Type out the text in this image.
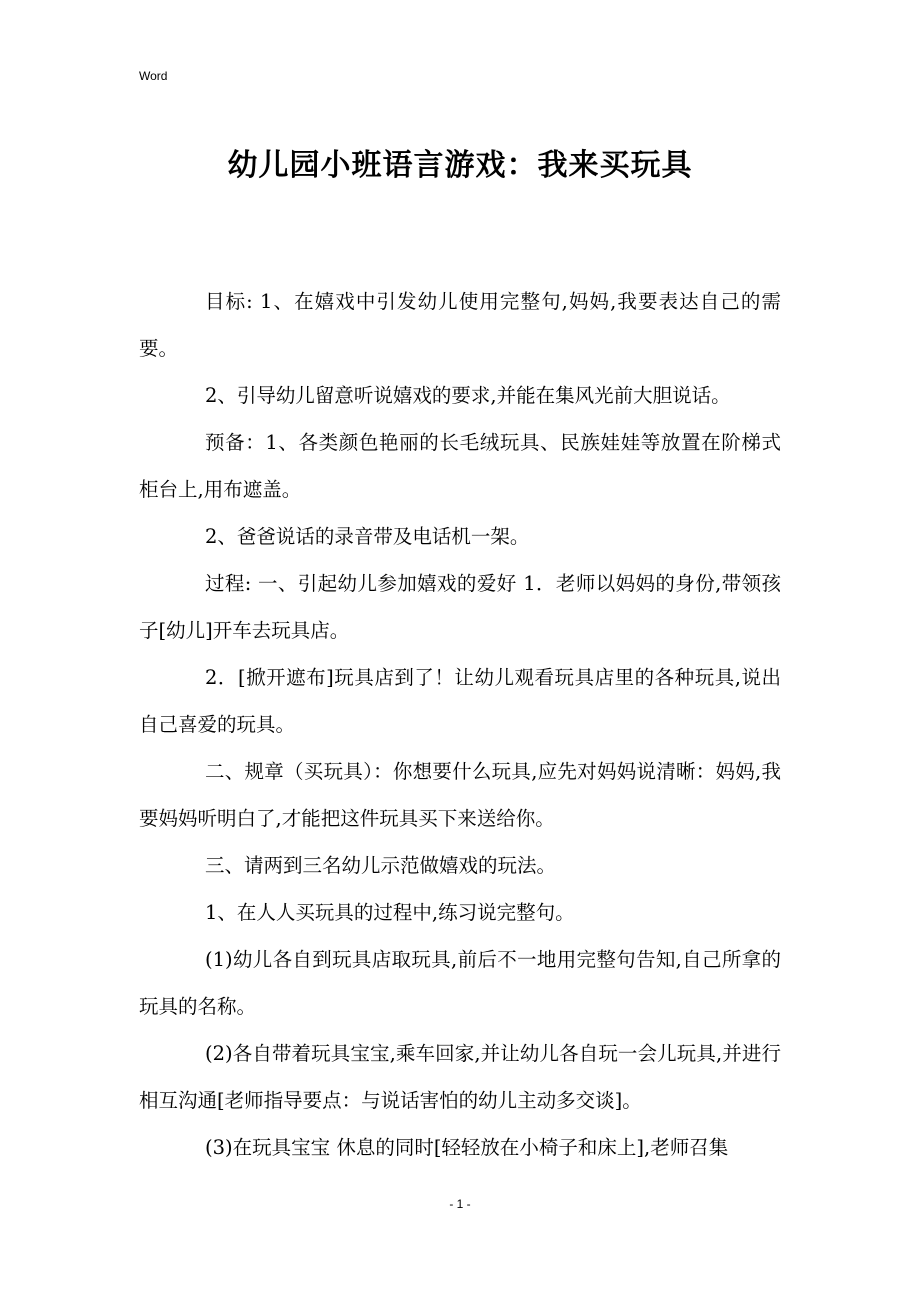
Word
幼儿园小班语言游戏：我来买玩具

目标: 1、在嬉戏中引发幼儿使用完整句,妈妈,我要表达自己的需要。

2、引导幼儿留意听说嬉戏的要求,并能在集风光前大胆说话。

预备：1、各类颜色艳丽的长毛绒玩具、民族娃娃等放置在阶梯式柜台上,用布遮盖。

2、爸爸说话的录音带及电话机一架。

过程: 一、引起幼儿参加嬉戏的爱好 1．老师以妈妈的身份,带领孩子[幼儿]开车去玩具店。

2．[掀开遮布]玩具店到了！让幼儿观看玩具店里的各种玩具,说出自己喜爱的玩具。

二、规章（买玩具）：你想要什么玩具,应先对妈妈说清晰：妈妈,我要妈妈听明白了,才能把这件玩具买下来送给你。

三、请两到三名幼儿示范做嬉戏的玩法。

1、在人人买玩具的过程中,练习说完整句。

(1)幼儿各自到玩具店取玩具,前后不一地用完整句告知,自己所拿的玩具的名称。

(2)各自带着玩具宝宝,乘车回家,并让幼儿各自玩一会儿玩具,并进行相互沟通[老师指导要点：与说话害怕的幼儿主动多交谈]。

(3)在玩具宝宝 休息的同时[轻轻放在小椅子和床上],老师召集

- 1 -
